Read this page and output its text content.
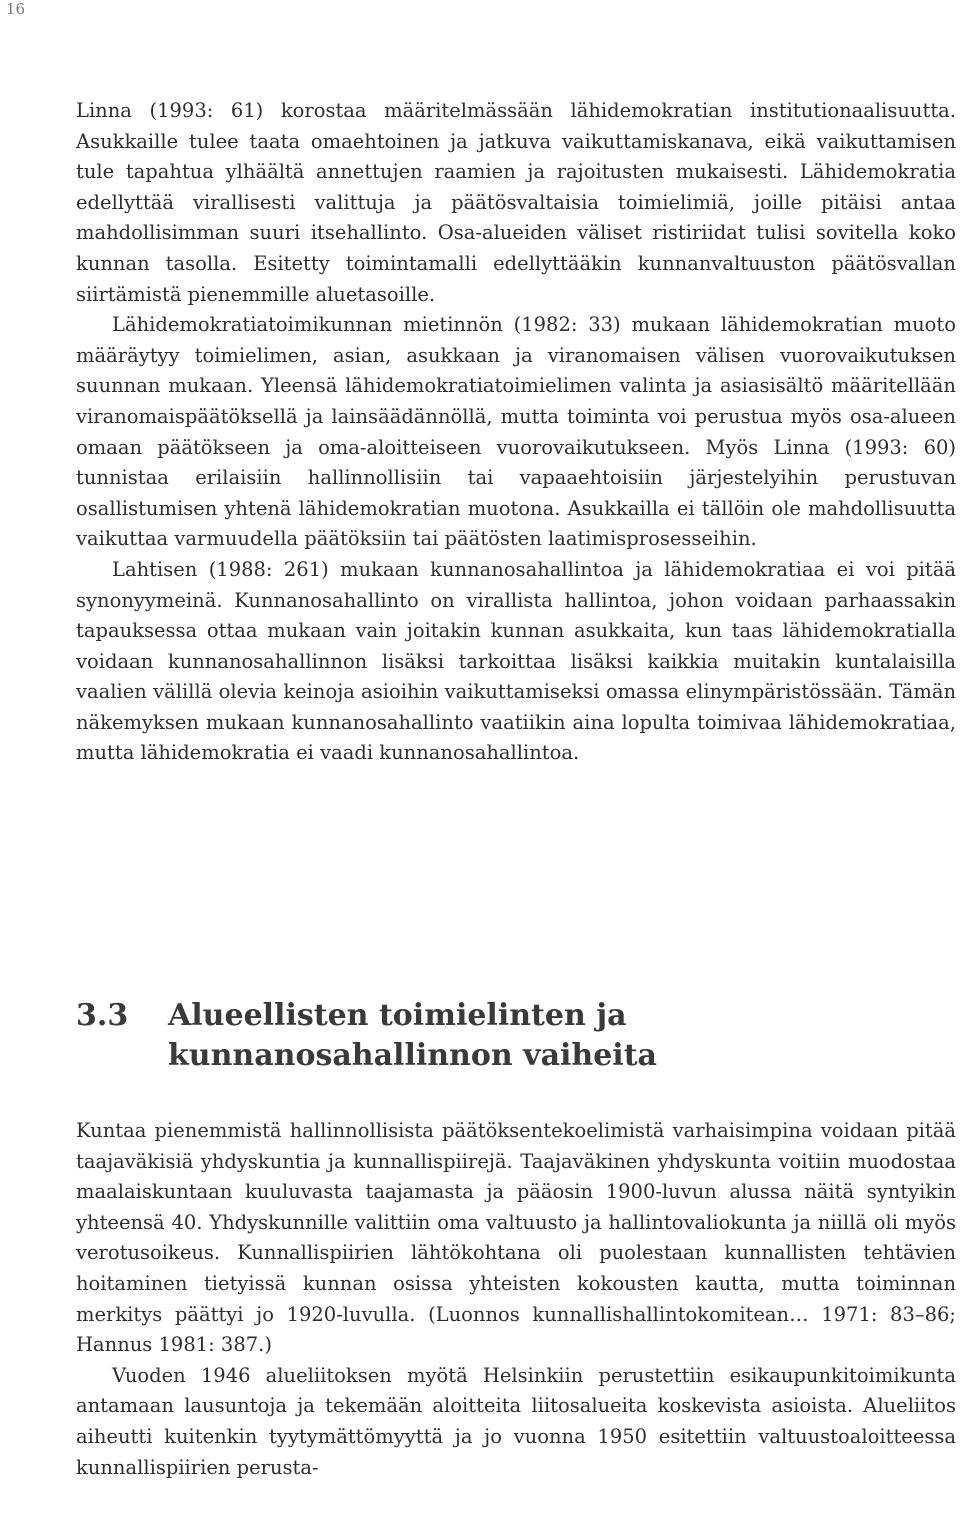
16

Linna (1993: 61) korostaa määritelmässään lähidemokratian institutionaalisuutta. Asukkaille tulee taata omaehtoinen ja jatkuva vaikuttamiskanava, eikä vaikuttamisen tule tapahtua ylhäältä annettujen raamien ja rajoitusten mukaisesti. Lähidemokratia edellyttää virallisesti valittuja ja päätösvaltaisia toimielimiä, joille pitäisi antaa mahdollisimman suuri itsehallinto. Osa-alueiden väliset ristiriidat tulisi sovitella koko kunnan tasolla. Esitetty toimintamalli edellyttääkin kunnanvaltuuston päätösvallan siirtämistä pienemmille aluetasoille.

Lähidemokratiatoimikunnan mietinnön (1982: 33) mukaan lähidemokratian muoto määräytyy toimielimen, asian, asukkaan ja viranomaisen välisen vuorovaikutuksen suunnan mukaan. Yleensä lähidemokratiatoimielimen valinta ja asiasisältö määritellään viranomaispäätöksellä ja lainsäädännöllä, mutta toiminta voi perustua myös osa-alueen omaan päätökseen ja oma-aloitteiseen vuorovaikutukseen. Myös Linna (1993: 60) tunnistaa erilaisiin hallinnollisiin tai vapaaehtoisiin järjestelyihin perustuvan osallistumisen yhtenä lähidemokratian muotona. Asukkailla ei tällöin ole mahdollisuutta vaikuttaa varmuudella päätöksiin tai päätösten laatimisprosesseihin.

Lahtisen (1988: 261) mukaan kunnanosahallintoa ja lähidemokratiaa ei voi pitää synonyymeinä. Kunnanosahallinto on virallista hallintoa, johon voidaan parhaassakin tapauksessa ottaa mukaan vain joitakin kunnan asukkaita, kun taas lähidemokratialla voidaan kunnanosahallinnon lisäksi tarkoittaa lisäksi kaikkia muitakin kuntalaisilla vaalien välillä olevia keinoja asioihin vaikuttamiseksi omassa elinympäristössään. Tämän näkemyksen mukaan kunnanosahallinto vaatiikin aina lopulta toimivaa lähidemokratiaa, mutta lähidemokratia ei vaadi kunnanosahallintoa.

3.3	Alueellisten toimielinten ja kunnanosahallinnon vaiheita

Kuntaa pienemmistä hallinnollisista päätöksentekoelimistä varhaisimpina voidaan pitää taajaväkisiä yhdyskuntia ja kunnallispiirejä. Taajaväkinen yhdyskunta voitiin muodostaa maalaiskuntaan kuuluvasta taajamasta ja pääosin 1900-luvun alussa näitä syntyikin yhteensä 40. Yhdyskunnille valittiin oma valtuusto ja hallintovaliokunta ja niillä oli myös verotusoikeus. Kunnallispiirien lähtökohtana oli puolestaan kunnallisten tehtävien hoitaminen tietyissä kunnan osissa yhteisten kokousten kautta, mutta toiminnan merkitys päättyi jo 1920-luvulla. (Luonnos kunnallishallintokomitean… 1971: 83–86; Hannus 1981: 387.)

Vuoden 1946 alueliitoksen myötä Helsinkiin perustettiin esikaupunkitoimikunta antamaan lausuntoja ja tekemään aloitteita liitosalueita koskevista asioista. Alueliitos aiheutti kuitenkin tyytymättömyyttä ja jo vuonna 1950 esitettiin valtuustoaloitteessa kunnallispiirien perusta-
